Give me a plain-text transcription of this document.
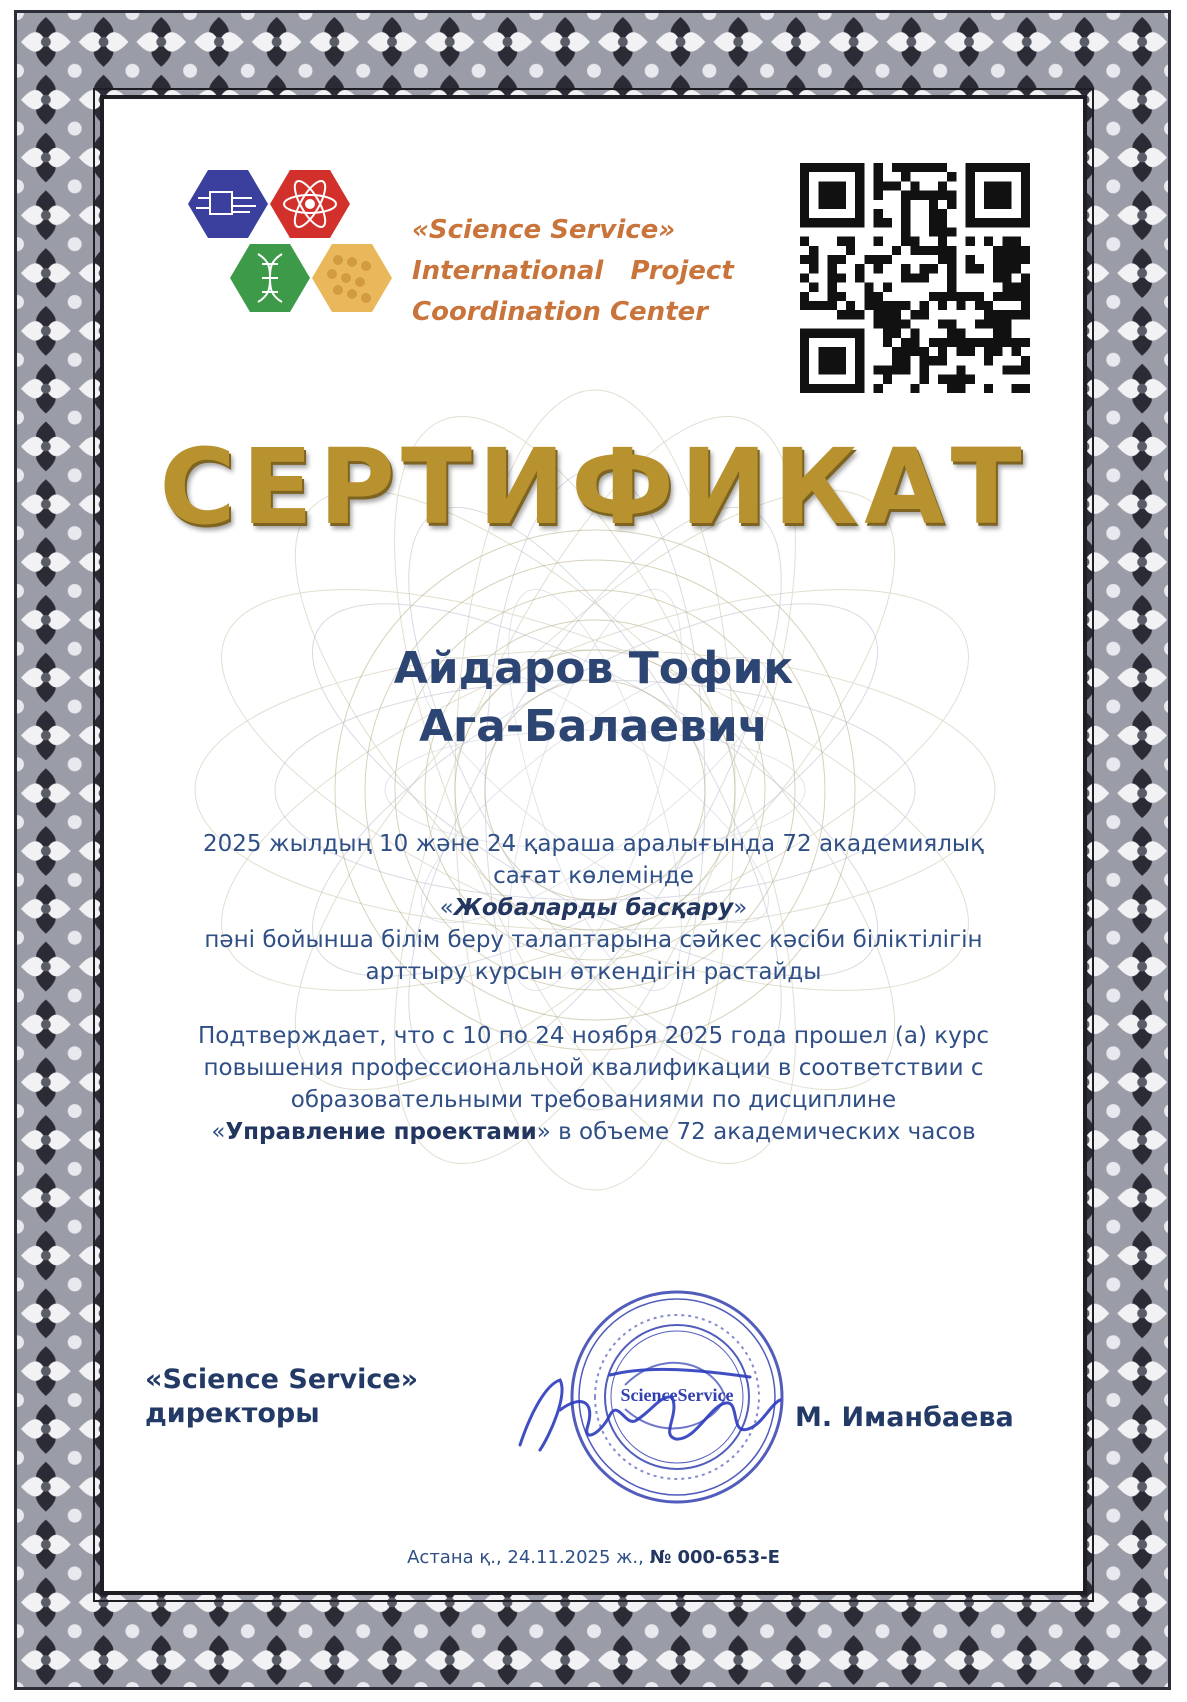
«Science Service»
International   Project
Coordination Center
СЕРТИФИКАТ
Айдаров Тофик
Ага-Балаевич
2025 жылдың 10 және 24 қараша аралығында 72 академиялық
сағат көлемінде
«Жобаларды басқару»
пәні бойынша білім беру талаптарына сәйкес кәсіби біліктілігін
арттыру курсын өткендігін растайды
Подтверждает, что с 10 по 24 ноября 2025 года прошел (а) курс
повышения профессиональной квалификации в соответствии с
образовательными требованиями по дисциплине
«Управление проектами» в объеме 72 академических часов
«Science Service»
директоры
ScienceService
М. Иманбаева
Астана қ., 24.11.2025 ж., № 000-653-Е
